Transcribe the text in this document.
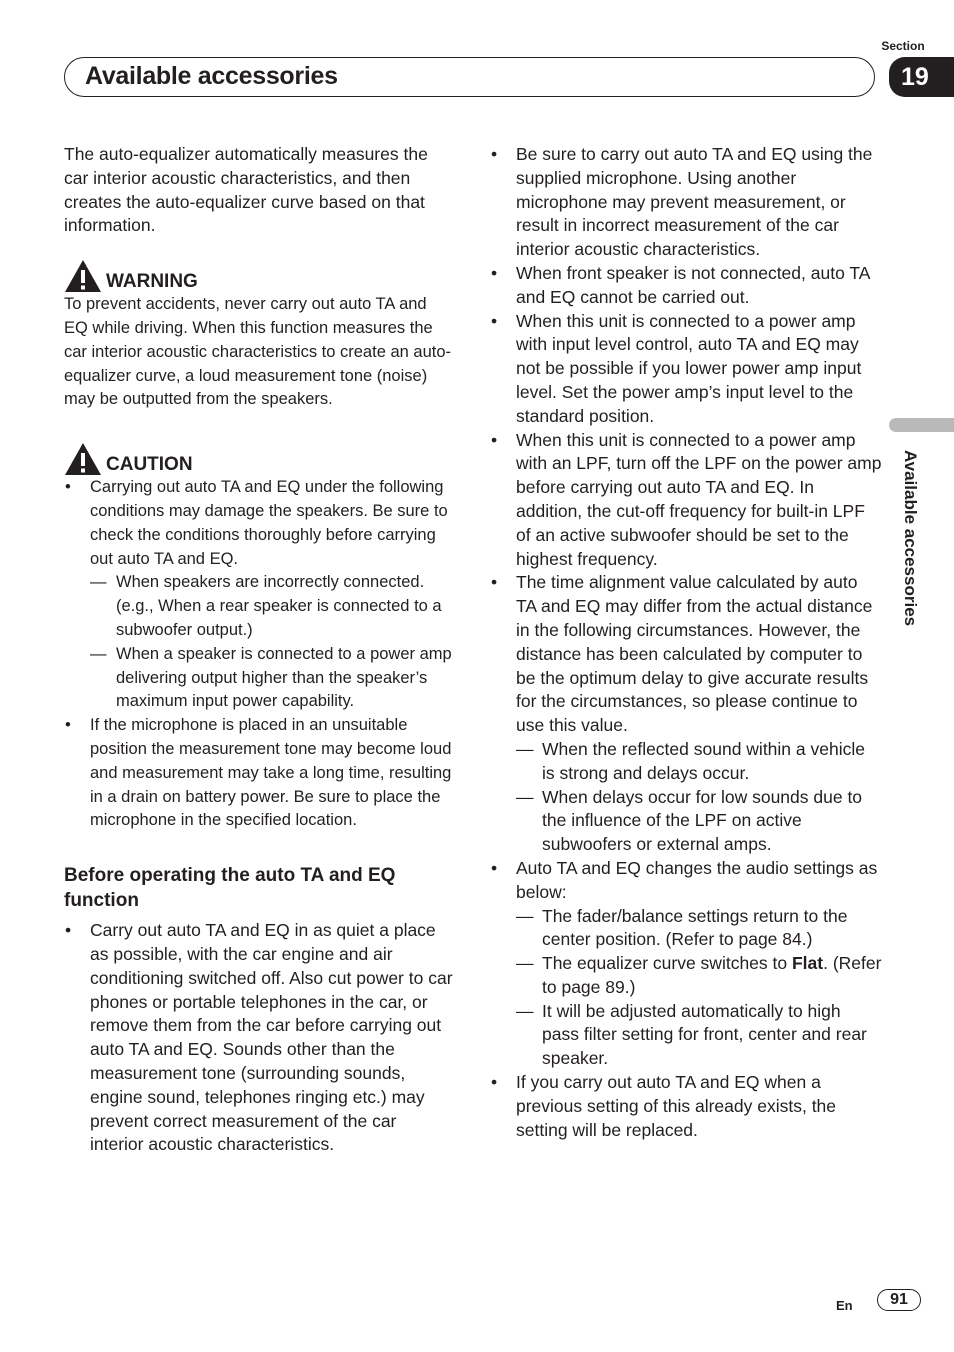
Section
19
Available accessories
Available accessories

The auto-equalizer automatically measures the car interior acoustic characteristics, and then creates the auto-equalizer curve based on that information.

WARNING

To prevent accidents, never carry out auto TA and EQ while driving. When this function measures the car interior acoustic characteristics to create an auto-equalizer curve, a loud measurement tone (noise) may be outputted from the speakers.

CAUTION
• Carrying out auto TA and EQ under the following conditions may damage the speakers. Be sure to check the conditions thoroughly before carrying out auto TA and EQ.
— When speakers are incorrectly connected. (e.g., When a rear speaker is connected to a subwoofer output.)
— When a speaker is connected to a power amp delivering output higher than the speaker’s maximum input power capability.
• If the microphone is placed in an unsuitable position the measurement tone may become loud and measurement may take a long time, resulting in a drain on battery power. Be sure to place the microphone in the specified location.
Before operating the auto TA and EQ function
• Carry out auto TA and EQ in as quiet a place as possible, with the car engine and air conditioning switched off. Also cut power to car phones or portable telephones in the car, or remove them from the car before carrying out auto TA and EQ. Sounds other than the measurement tone (surrounding sounds, engine sound, telephones ringing etc.) may prevent correct measurement of the car interior acoustic characteristics.
• Be sure to carry out auto TA and EQ using the supplied microphone. Using another microphone may prevent measurement, or result in incorrect measurement of the car interior acoustic characteristics.
• When front speaker is not connected, auto TA and EQ cannot be carried out.
• When this unit is connected to a power amp with input level control, auto TA and EQ may not be possible if you lower power amp input level. Set the power amp’s input level to the standard position.
• When this unit is connected to a power amp with an LPF, turn off the LPF on the power amp before carrying out auto TA and EQ. In addition, the cut-off frequency for built-in LPF of an active subwoofer should be set to the highest frequency.
• The time alignment value calculated by auto TA and EQ may differ from the actual distance in the following circumstances. However, the distance has been calculated by computer to be the optimum delay to give accurate results for the circumstances, so please continue to use this value.
— When the reflected sound within a vehicle is strong and delays occur.
— When delays occur for low sounds due to the influence of the LPF on active subwoofers or external amps.
• Auto TA and EQ changes the audio settings as below:
— The fader/balance settings return to the center position. (Refer to page 84.)
— The equalizer curve switches to Flat. (Refer to page 89.)
— It will be adjusted automatically to high pass filter setting for front, center and rear speaker.
• If you carry out auto TA and EQ when a previous setting of this already exists, the setting will be replaced.
En	91
